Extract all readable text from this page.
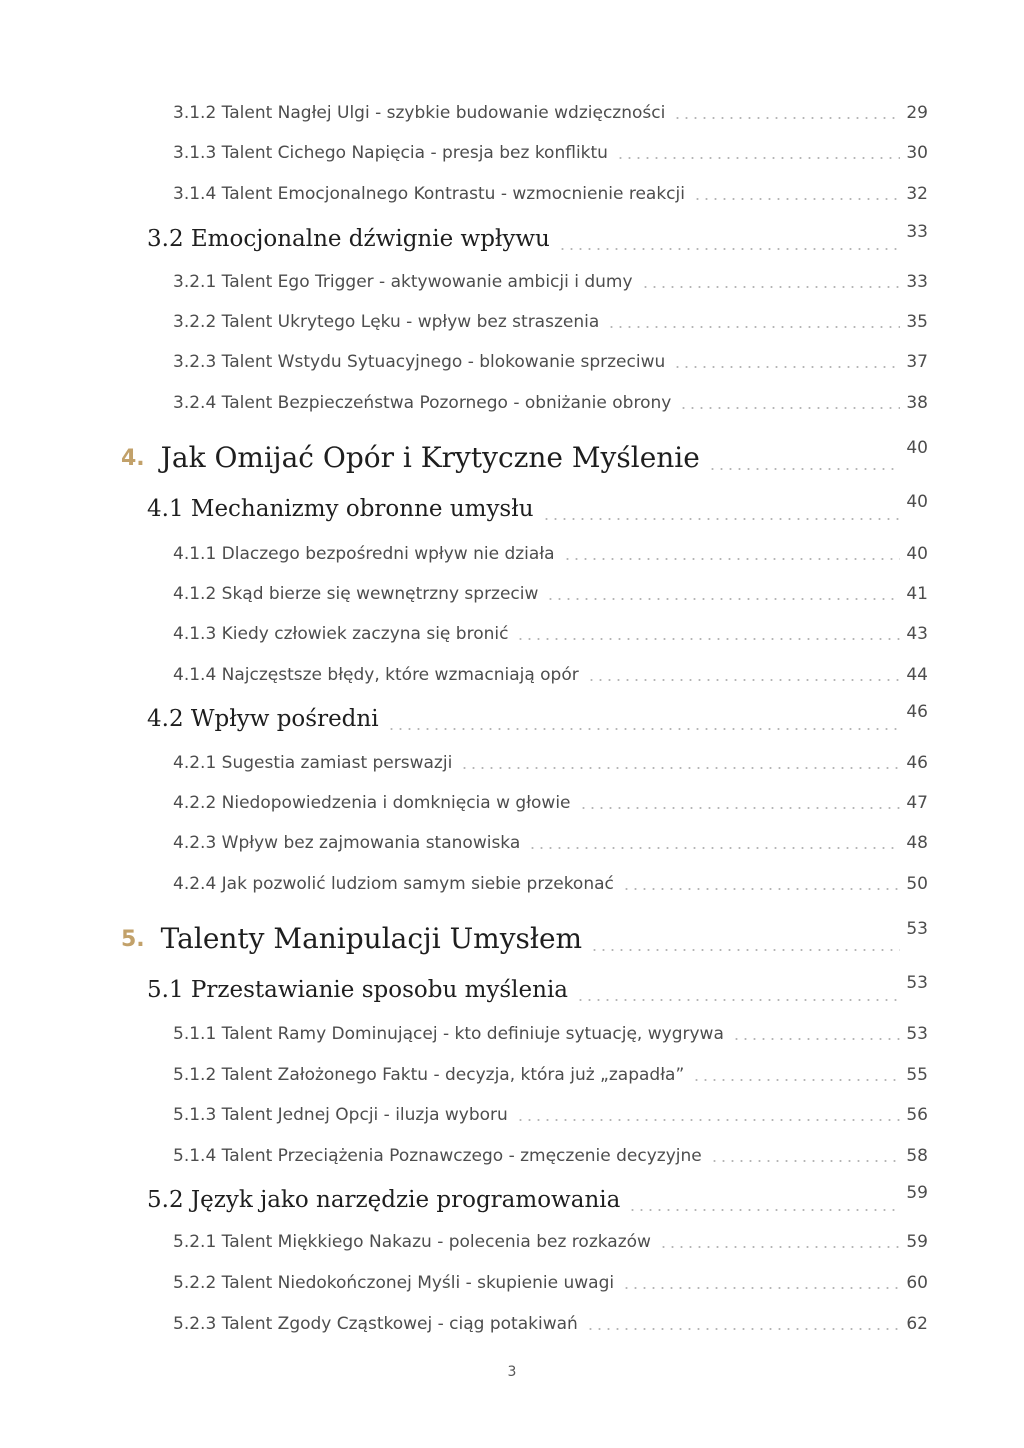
3.1.2 Talent Nagłej Ulgi - szybkie budowanie wdzięczności	29
3.1.3 Talent Cichego Napięcia - presja bez konfliktu	30
3.1.4 Talent Emocjonalnego Kontrastu - wzmocnienie reakcji	32
3.2 Emocjonalne dźwignie wpływu	33
3.2.1 Talent Ego Trigger - aktywowanie ambicji i dumy	33
3.2.2 Talent Ukrytego Lęku - wpływ bez straszenia	35
3.2.3 Talent Wstydu Sytuacyjnego - blokowanie sprzeciwu	37
3.2.4 Talent Bezpieczeństwa Pozornego - obniżanie obrony	38
4. Jak Omijać Opór i Krytyczne Myślenie	40
4.1 Mechanizmy obronne umysłu	40
4.1.1 Dlaczego bezpośredni wpływ nie działa	40
4.1.2 Skąd bierze się wewnętrzny sprzeciw	41
4.1.3 Kiedy człowiek zaczyna się bronić	43
4.1.4 Najczęstsze błędy, które wzmacniają opór	44
4.2 Wpływ pośredni	46
4.2.1 Sugestia zamiast perswazji	46
4.2.2 Niedopowiedzenia i domknięcia w głowie	47
4.2.3 Wpływ bez zajmowania stanowiska	48
4.2.4 Jak pozwolić ludziom samym siebie przekonać	50
5. Talenty Manipulacji Umysłem	53
5.1 Przestawianie sposobu myślenia	53
5.1.1 Talent Ramy Dominującej - kto definiuje sytuację, wygrywa	53
5.1.2 Talent Założonego Faktu - decyzja, która już „zapadła”	55
5.1.3 Talent Jednej Opcji - iluzja wyboru	56
5.1.4 Talent Przeciążenia Poznawczego - zmęczenie decyzyjne	58
5.2 Język jako narzędzie programowania	59
5.2.1 Talent Miękkiego Nakazu - polecenia bez rozkazów	59
5.2.2 Talent Niedokończonej Myśli - skupienie uwagi	60
5.2.3 Talent Zgody Cząstkowej - ciąg potakiwań	62
3
